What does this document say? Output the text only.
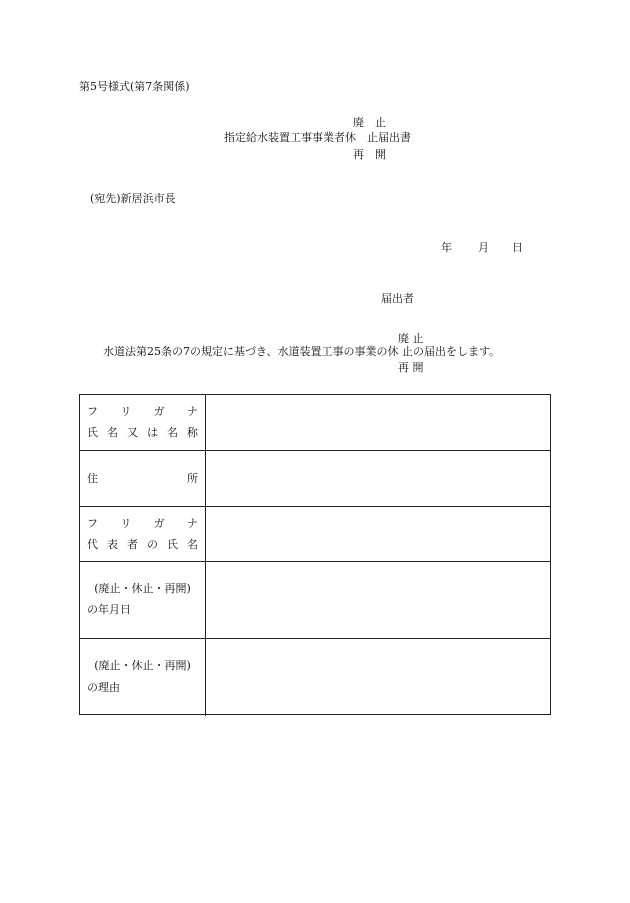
第5号様式(第7条関係)
廃　止
指定給水装置工事事業者休　止届出書
再　開
(宛先)新居浜市長
年 月 日
届出者
廃 止
水道法第25条の7の規定に基づき、水道装置工事の事業の休 止の届出をします。
再 開
フ リ ガ ナ
氏 名 又 は 名 称
住	所
フ リ ガ ナ
代 表 者 の 氏 名
(廃止・休止・再開)
の年月日
(廃止・休止・再開)
の理由
